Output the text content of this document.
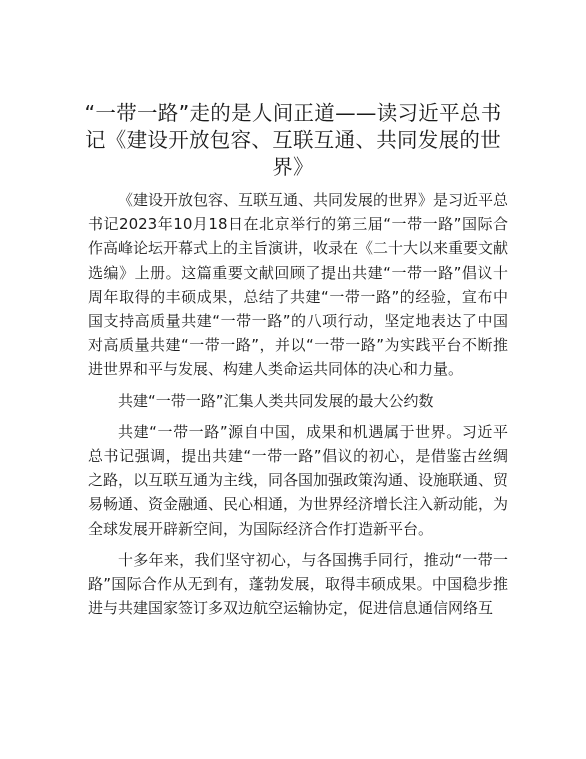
“一带一路”走的是人间正道——读习近平总书记《建设开放包容、互联互通、共同发展的世界》

《建设开放包容、互联互通、共同发展的世界》是习近平总书记2023年10月18日在北京举行的第三届“一带一路”国际合作高峰论坛开幕式上的主旨演讲，收录在《二十大以来重要文献选编》上册。这篇重要文献回顾了提出共建“一带一路”倡议十周年取得的丰硕成果，总结了共建“一带一路”的经验，宣布中国支持高质量共建“一带一路”的八项行动，坚定地表达了中国对高质量共建“一带一路”，并以“一带一路”为实践平台不断推进世界和平与发展、构建人类命运共同体的决心和力量。

共建“一带一路”汇集人类共同发展的最大公约数

共建“一带一路”源自中国，成果和机遇属于世界。习近平总书记强调，提出共建“一带一路”倡议的初心，是借鉴古丝绸之路，以互联互通为主线，同各国加强政策沟通、设施联通、贸易畅通、资金融通、民心相通，为世界经济增长注入新动能，为全球发展开辟新空间，为国际经济合作打造新平台。

十多年来，我们坚守初心，与各国携手同行，推动“一带一路”国际合作从无到有，蓬勃发展，取得丰硕成果。中国稳步推进与共建国家签订多双边航空运输协定，促进信息通信网络互
